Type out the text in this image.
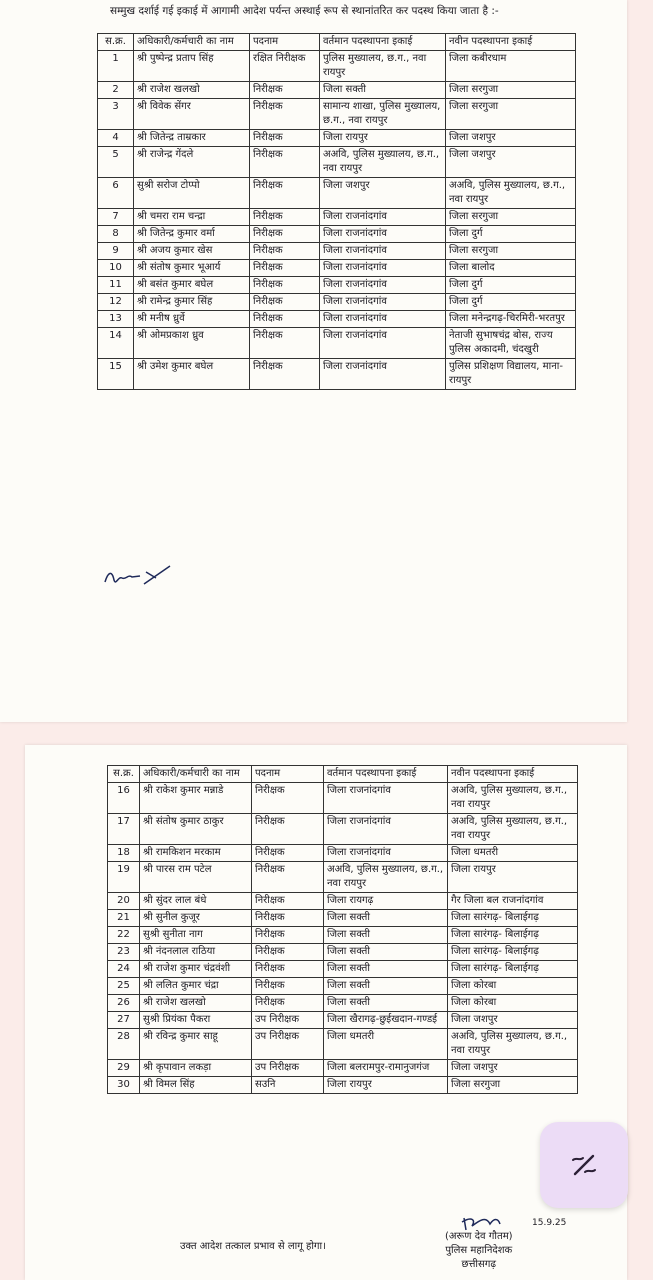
सम्मुख दर्शाई गई इकाई में आगामी आदेश पर्यन्त अस्थाई रूप से स्थानांतरित कर पदस्थ किया जाता है :-
स.क्र.	अधिकारी/कर्मचारी का नाम	पदनाम	वर्तमान पदस्थापना इकाई	नवीन पदस्थापना इकाई
1	श्री पुष्पेन्द्र प्रताप सिंह	रक्षित निरीक्षक	पुलिस मुख्यालय, छ.ग., नवा रायपुर	जिला कबीरधाम
2	श्री राजेश खलखो	निरीक्षक	जिला सक्ती	जिला सरगुजा
3	श्री विवेक सेंगर	निरीक्षक	सामान्य शाखा, पुलिस मुख्यालय, छ.ग., नवा रायपुर	जिला सरगुजा
4	श्री जितेन्द्र ताम्रकार	निरीक्षक	जिला रायपुर	जिला जशपुर
5	श्री राजेन्द्र गेंदले	निरीक्षक	अअवि, पुलिस मुख्यालय, छ.ग., नवा रायपुर	जिला जशपुर
6	सुश्री सरोज टोप्पो	निरीक्षक	जिला जशपुर	अअवि, पुलिस मुख्यालय, छ.ग., नवा रायपुर
7	श्री चमरा राम चन्द्रा	निरीक्षक	जिला राजनांदगांव	जिला सरगुजा
8	श्री जितेन्द्र कुमार वर्मा	निरीक्षक	जिला राजनांदगांव	जिला दुर्ग
9	श्री अजय कुमार खेस	निरीक्षक	जिला राजनांदगांव	जिला सरगुजा
10	श्री संतोष कुमार भूआर्य	निरीक्षक	जिला राजनांदगांव	जिला बालोद
11	श्री बसंत कुमार बघेल	निरीक्षक	जिला राजनांदगांव	जिला दुर्ग
12	श्री रामेन्द्र कुमार सिंह	निरीक्षक	जिला राजनांदगांव	जिला दुर्ग
13	श्री मनीष ध्रुर्वे	निरीक्षक	जिला राजनांदगांव	जिला मनेन्द्रगढ़-चिरमिरी-भरतपुर
14	श्री ओमप्रकाश ध्रुव	निरीक्षक	जिला राजनांदगांव	नेताजी सुभाषचंद्र बोस, राज्य पुलिस अकादमी, चंदखुरी
15	श्री उमेश कुमार बघेल	निरीक्षक	जिला राजनांदगांव	पुलिस प्रशिक्षण विद्यालय, माना-रायपुर
स.क्र.	अधिकारी/कर्मचारी का नाम	पदनाम	वर्तमान पदस्थापना इकाई	नवीन पदस्थापना इकाई
16	श्री राकेश कुमार मन्नाडे	निरीक्षक	जिला राजनांदगांव	अअवि, पुलिस मुख्यालय, छ.ग., नवा रायपुर
17	श्री संतोष कुमार ठाकुर	निरीक्षक	जिला राजनांदगांव	अअवि, पुलिस मुख्यालय, छ.ग., नवा रायपुर
18	श्री रामकिशन मरकाम	निरीक्षक	जिला राजनांदगांव	जिला धमतरी
19	श्री पारस राम पटेल	निरीक्षक	अअवि, पुलिस मुख्यालय, छ.ग., नवा रायपुर	जिला रायपुर
20	श्री सुंदर लाल बंधे	निरीक्षक	जिला रायगढ़	गैर जिला बल राजनांदगांव
21	श्री सुनील कुजूर	निरीक्षक	जिला सक्ती	जिला सारंगढ़- बिलाईगढ़
22	सुश्री सुनीता नाग	निरीक्षक	जिला सक्ती	जिला सारंगढ़- बिलाईगढ़
23	श्री नंदनलाल राठिया	निरीक्षक	जिला सक्ती	जिला सारंगढ़- बिलाईगढ़
24	श्री राजेश कुमार चंद्रवंशी	निरीक्षक	जिला सक्ती	जिला सारंगढ़- बिलाईगढ़
25	श्री ललित कुमार चंद्रा	निरीक्षक	जिला सक्ती	जिला कोरबा
26	श्री राजेश खलखो	निरीक्षक	जिला सक्ती	जिला कोरबा
27	सुश्री प्रियंका पैकरा	उप निरीक्षक	जिला खैरागढ़-छुईखदान-गण्डई	जिला जशपुर
28	श्री रविन्द्र कुमार साहू	उप निरीक्षक	जिला धमतरी	अअवि, पुलिस मुख्यालय, छ.ग., नवा रायपुर
29	श्री कृपावान लकड़ा	उप निरीक्षक	जिला बलरामपुर-रामानुजगंज	जिला जशपुर
30	श्री विमल सिंह	सउनि	जिला रायपुर	जिला सरगुजा
उक्त आदेश तत्काल प्रभाव से लागू होगा।
15.9.25
(अरूण देव गौतम)
पुलिस महानिदेशक
छत्तीसगढ़
